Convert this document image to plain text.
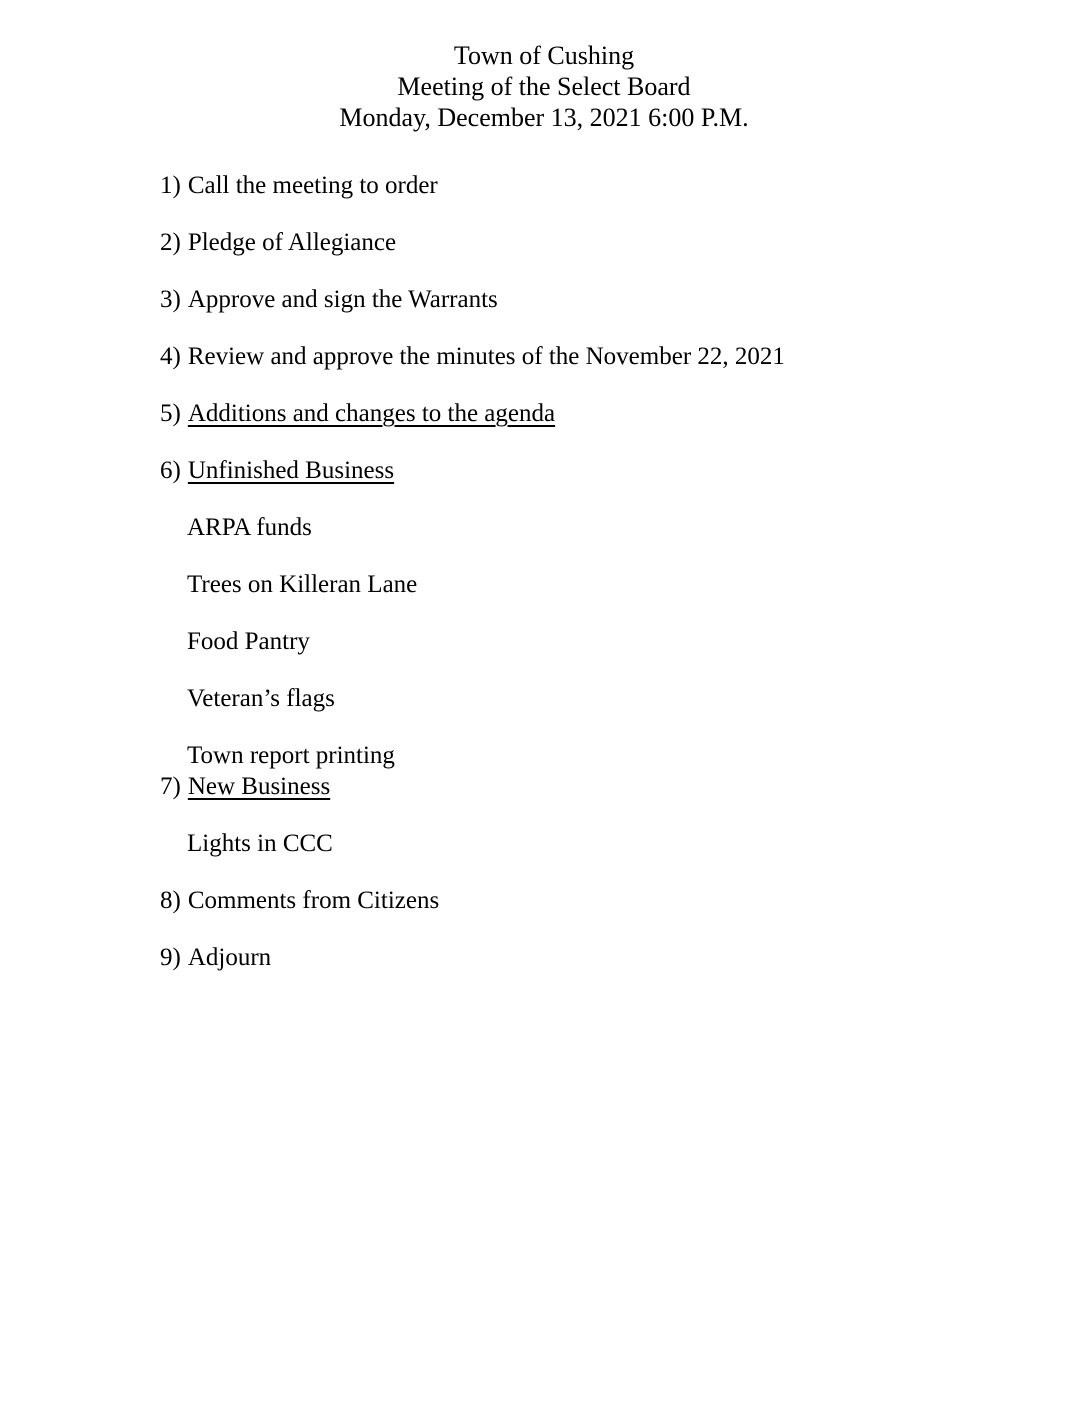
Town of Cushing
Meeting of the Select Board
Monday, December 13, 2021 6:00 P.M.

1) Call the meeting to order

2) Pledge of Allegiance

3) Approve and sign the Warrants

4) Review and approve the minutes of the November 22, 2021

5) Additions and changes to the agenda

6) Unfinished Business

ARPA funds

Trees on Killeran Lane

Food Pantry

Veteran’s flags

Town report printing

7) New Business

Lights in CCC

8) Comments from Citizens

9) Adjourn
